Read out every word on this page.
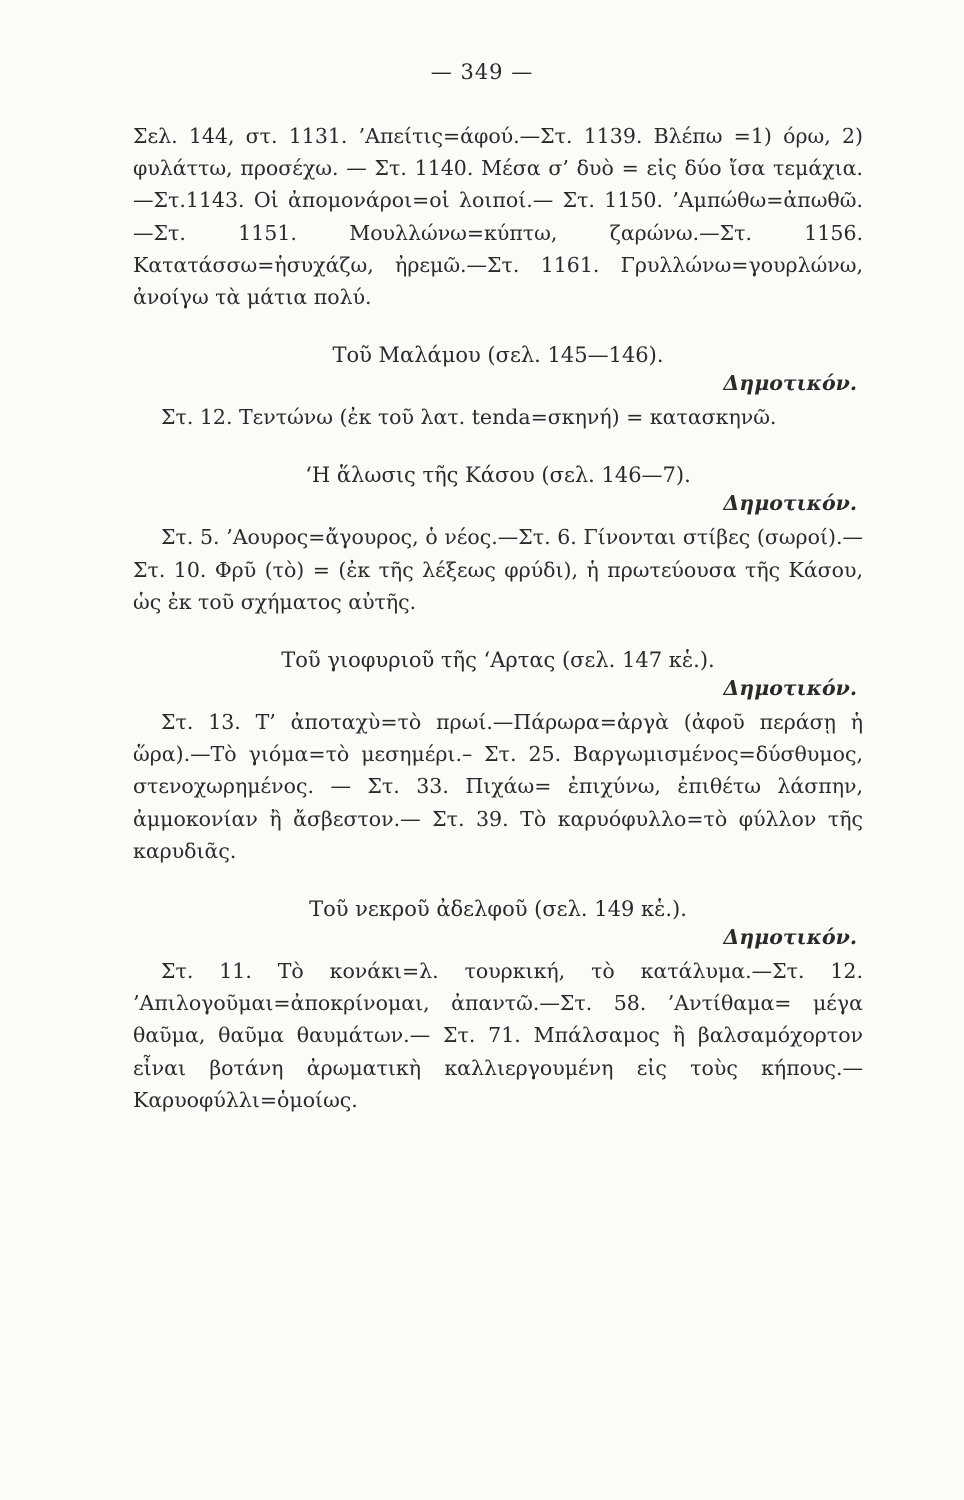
— 349 —

Σελ. 144, στ. 1131. ’Απείτις=άφού.—Στ. 1139. Βλέπω =1) όρω, 2) φυλάττω, προσέχω. — Στ. 1140. Μέσα σ’ δυὸ = εἰς δύο ἴσα τεμάχια.—Στ.1143. Οἱ ἀπομονάροι=οἱ λοιποί.— Στ. 1150. ’Αμπώθω=ἀπωθῶ.—Στ. 1151. Μουλλώνω=κύπτω, ζαρώνω.—Στ. 1156. Κατατάσσω=ἡσυχάζω, ἠρεμῶ.—Στ. 1161. Γρυλλώνω=γουρλώνω, ἀνοίγω τὰ μάτια πολύ.

Τοῦ Μαλάμου (σελ. 145—146).
Δημοτικόν.

Στ. 12. Τεντώνω (ἐκ τοῦ λατ. tenda=σκηνή) = κατασκηνῶ.

‘Η ἅλωσις τῆς Κάσου (σελ. 146—7).
Δημοτικόν.

Στ. 5. ’Αουρος=ἄγουρος, ὁ νέος.—Στ. 6. Γίνονται στίβες (σωροί).—Στ. 10. Φρῦ (τὸ) = (ἐκ τῆς λέξεως φρύδι), ἡ πρωτεύουσα τῆς Κάσου, ὡς ἐκ τοῦ σχήματος αὐτῆς.

Τοῦ γιοφυριοῦ τῆς ‘Αρτας (σελ. 147 κἑ.).
Δημοτικόν.

Στ. 13. Τ’ ἀποταχὺ=τὸ πρωί.—Πάρωρα=ἀργὰ (ἀφοῦ περάσῃ ἡ ὥρα).—Τὸ γιόμα=τὸ μεσημέρι.– Στ. 25. Βαργωμισμένος=δύσθυμος, στενοχωρημένος. — Στ. 33. Πιχάω= ἐπιχύνω, ἐπιθέτω λάσπην, ἀμμοκονίαν ἢ ἄσβεστον.— Στ. 39. Τὸ καρυόφυλλο=τὸ φύλλον τῆς καρυδιᾶς.

Τοῦ νεκροῦ ἀδελφοῦ (σελ. 149 κἑ.).
Δημοτικόν.

Στ. 11. Τὸ κονάκι=λ. τουρκική, τὸ κατάλυμα.—Στ. 12. ’Απιλογοῦμαι=ἀποκρίνομαι, ἀπαντῶ.—Στ. 58. ’Αντίθαμα= μέγα θαῦμα, θαῦμα θαυμάτων.— Στ. 71. Μπάλσαμος ἢ βαλσαμόχορτον εἶναι βοτάνη ἀρωματικὴ καλλιεργουμένη εἰς τοὺς κήπους.—Καρυοφύλλι=ὁμοίως.
